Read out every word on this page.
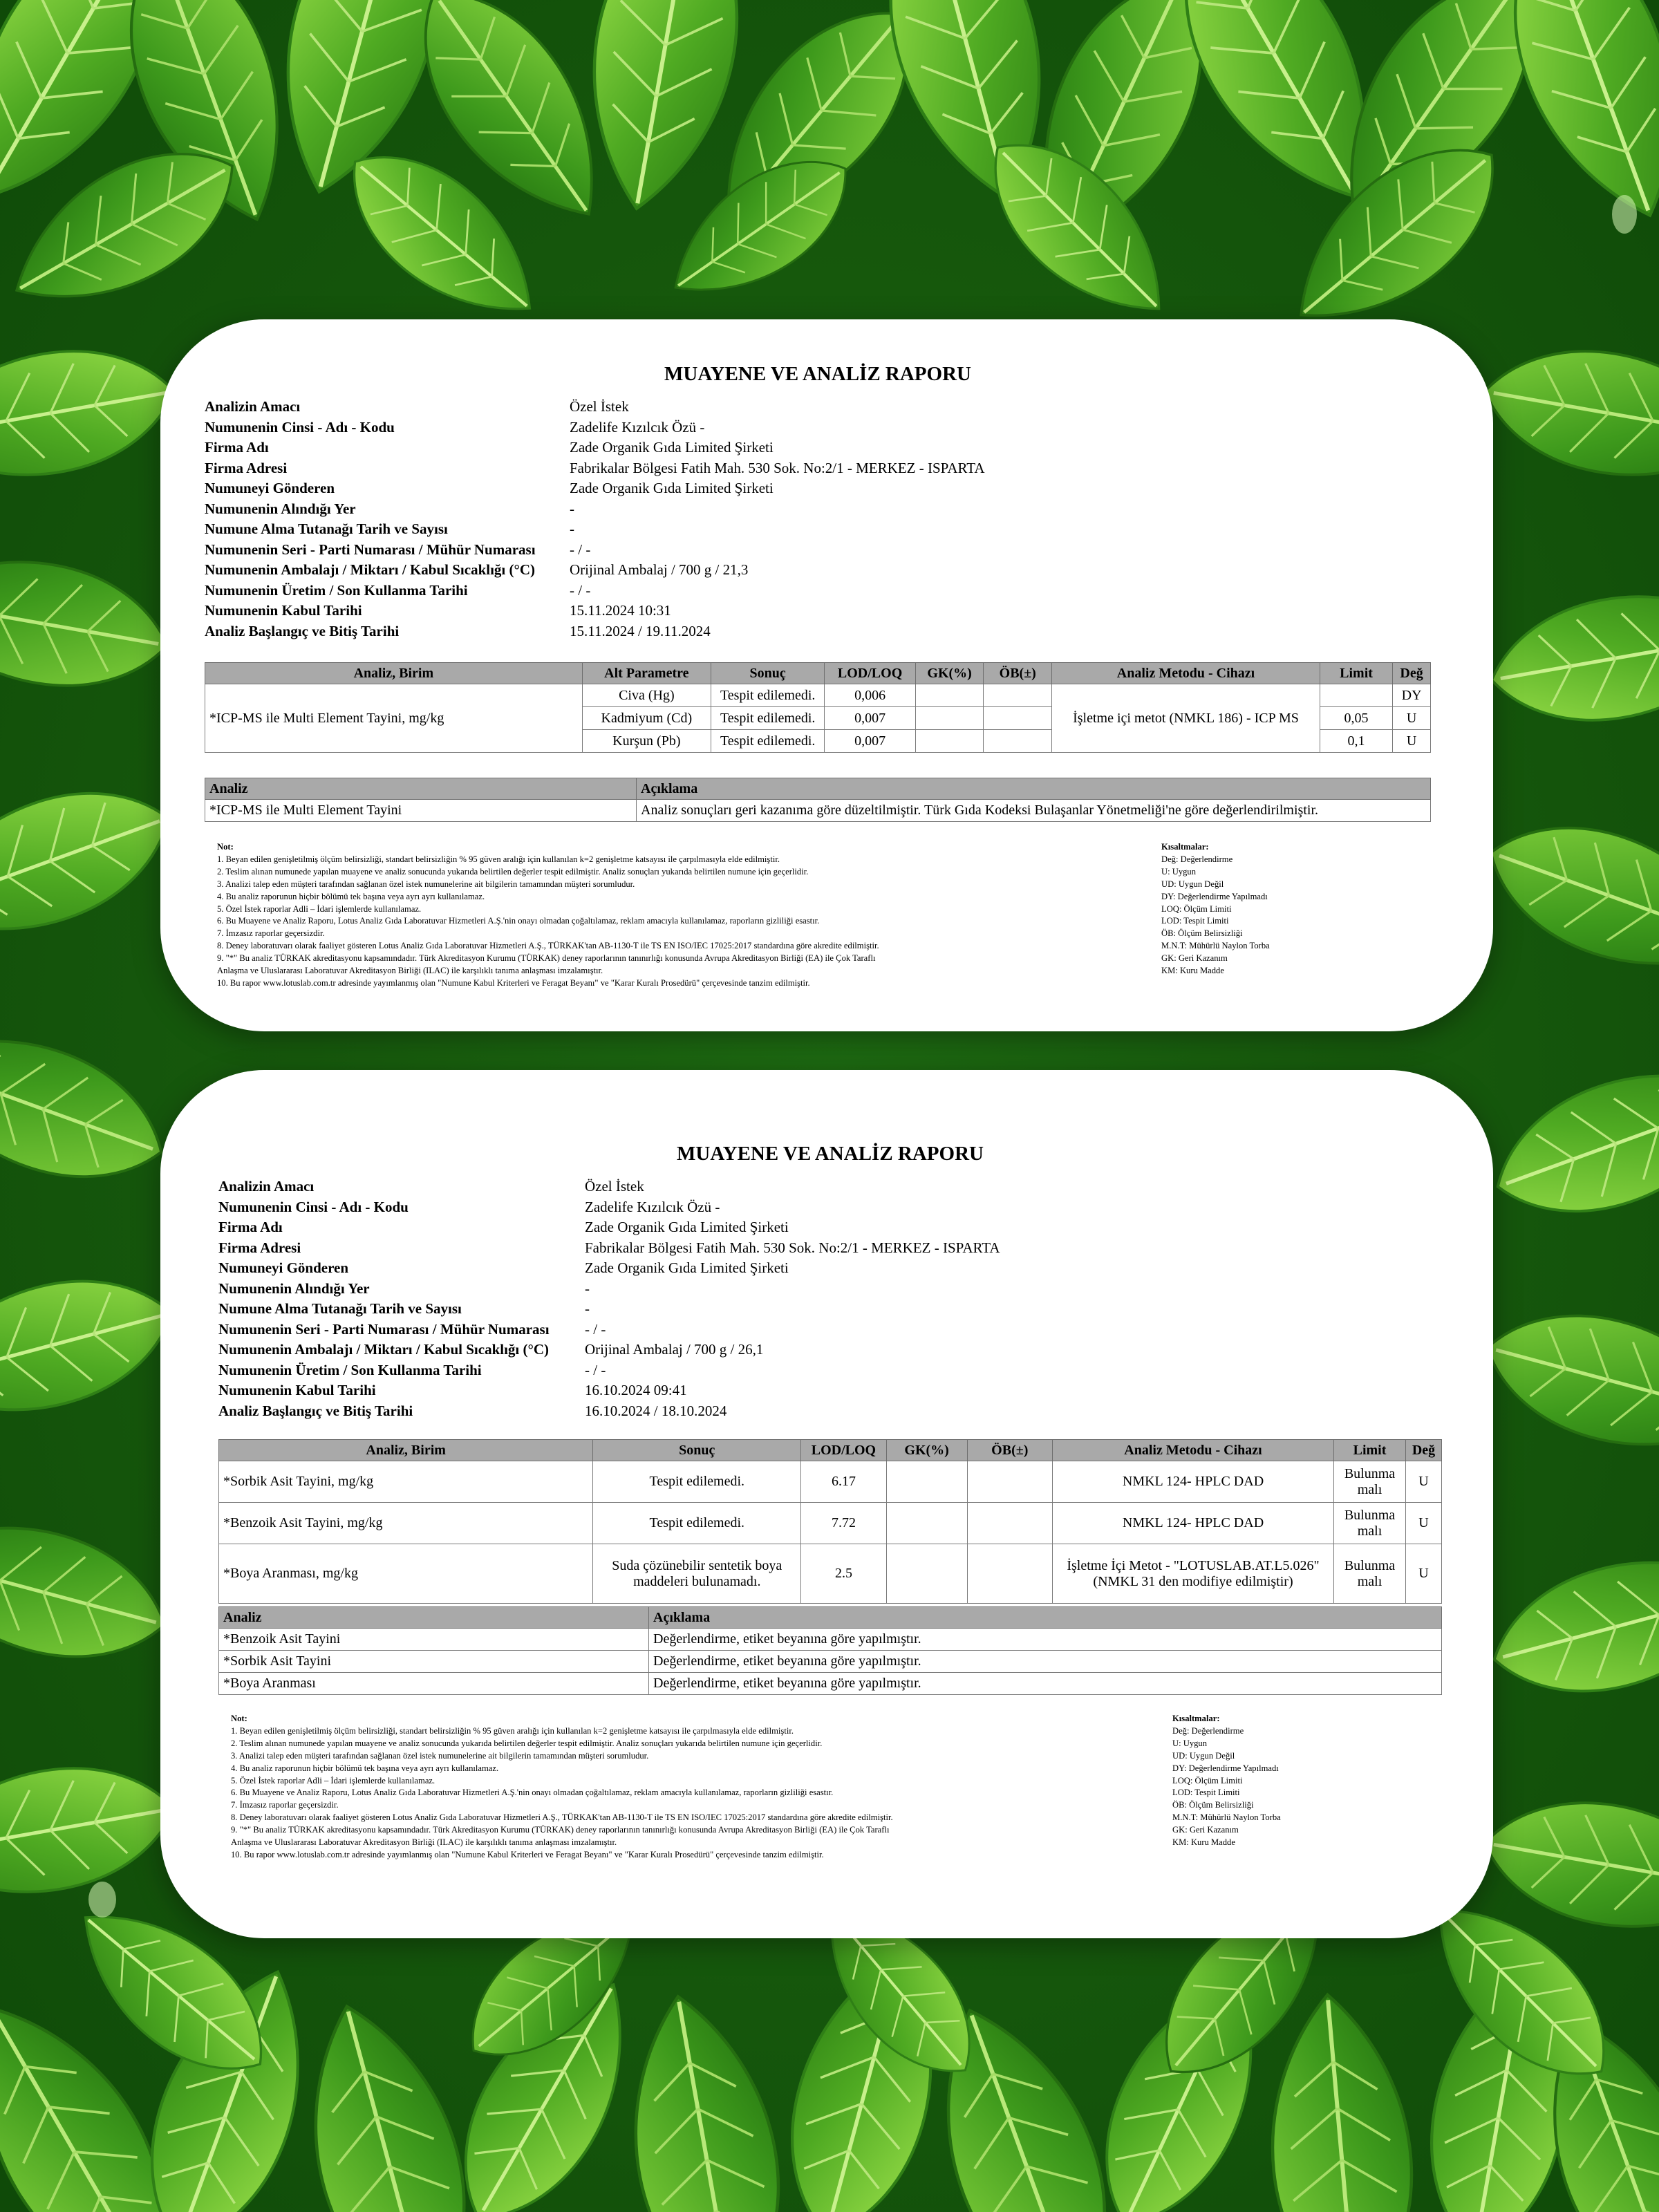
MUAYENE VE ANALİZ RAPORU
Analizin Amacı	Özel İstek
Numunenin Cinsi - Adı - Kodu	Zadelife Kızılcık Özü -
Firma Adı	Zade Organik Gıda Limited Şirketi
Firma Adresi	Fabrikalar Bölgesi Fatih Mah. 530 Sok. No:2/1 - MERKEZ - ISPARTA
Numuneyi Gönderen	Zade Organik Gıda Limited Şirketi
Numunenin Alındığı Yer	-
Numune Alma Tutanağı Tarih ve Sayısı	-
Numunenin Seri - Parti Numarası / Mühür Numarası	- / -
Numunenin Ambalajı / Miktarı / Kabul Sıcaklığı (°C)	Orijinal Ambalaj / 700 g / 21,3
Numunenin Üretim / Son Kullanma Tarihi	- / -
Numunenin Kabul Tarihi	15.11.2024 10:31
Analiz Başlangıç ve Bitiş Tarihi	15.11.2024 / 19.11.2024
Analiz, Birim	Alt Parametre	Sonuç	LOD/LOQ	GK(%)	ÖB(±)	Analiz Metodu - Cihazı	Limit	Değ
*ICP-MS ile Multi Element Tayini, mg/kg	Civa (Hg)	Tespit edilemedi.	0,006			İşletme içi metot (NMKL 186) - ICP MS		DY
	Kadmiyum (Cd)	Tespit edilemedi.	0,007				0,05	U
	Kurşun (Pb)	Tespit edilemedi.	0,007				0,1	U
Analiz	Açıklama
*ICP-MS ile Multi Element Tayini	Analiz sonuçları geri kazanıma göre düzeltilmiştir. Türk Gıda Kodeksi Bulaşanlar Yönetmeliği'ne göre değerlendirilmiştir.
Not:
1. Beyan edilen genişletilmiş ölçüm belirsizliği, standart belirsizliğin % 95 güven aralığı için kullanılan k=2 genişletme katsayısı ile çarpılmasıyla elde edilmiştir.
2. Teslim alınan numunede yapılan muayene ve analiz sonucunda yukarıda belirtilen değerler tespit edilmiştir. Analiz sonuçları yukarıda belirtilen numune için geçerlidir.
3. Analizi talep eden müşteri tarafından sağlanan özel istek numunelerine ait bilgilerin tamamından müşteri sorumludur.
4. Bu analiz raporunun hiçbir bölümü tek başına veya ayrı ayrı kullanılamaz.
5. Özel İstek raporlar Adli – İdari işlemlerde kullanılamaz.
6. Bu Muayene ve Analiz Raporu, Lotus Analiz Gıda Laboratuvar Hizmetleri A.Ş.'nin onayı olmadan çoğaltılamaz, reklam amacıyla kullanılamaz, raporların gizliliği esastır.
7. İmzasız raporlar geçersizdir.
8. Deney laboratuvarı olarak faaliyet gösteren Lotus Analiz Gıda Laboratuvar Hizmetleri A.Ş., TÜRKAK'tan AB-1130-T ile TS EN ISO/IEC 17025:2017 standardına göre akredite edilmiştir.
9. "*" Bu analiz TÜRKAK akreditasyonu kapsamındadır. Türk Akreditasyon Kurumu (TÜRKAK) deney raporlarının tanınırlığı konusunda Avrupa Akreditasyon Birliği (EA) ile Çok Taraflı
Anlaşma ve Uluslararası Laboratuvar Akreditasyon Birliği (ILAC) ile karşılıklı tanıma anlaşması imzalamıştır.
10. Bu rapor www.lotuslab.com.tr adresinde yayımlanmış olan "Numune Kabul Kriterleri ve Feragat Beyanı" ve "Karar Kuralı Prosedürü" çerçevesinde tanzim edilmiştir.
Kısaltmalar:
Değ: Değerlendirme
U: Uygun
UD: Uygun Değil
DY: Değerlendirme Yapılmadı
LOQ: Ölçüm Limiti
LOD: Tespit Limiti
ÖB: Ölçüm Belirsizliği
M.N.T: Mühürlü Naylon Torba
GK: Geri Kazanım
KM: Kuru Madde
MUAYENE VE ANALİZ RAPORU
Analizin Amacı	Özel İstek
Numunenin Cinsi - Adı - Kodu	Zadelife Kızılcık Özü -
Firma Adı	Zade Organik Gıda Limited Şirketi
Firma Adresi	Fabrikalar Bölgesi Fatih Mah. 530 Sok. No:2/1 - MERKEZ - ISPARTA
Numuneyi Gönderen	Zade Organik Gıda Limited Şirketi
Numunenin Alındığı Yer	-
Numune Alma Tutanağı Tarih ve Sayısı	-
Numunenin Seri - Parti Numarası / Mühür Numarası	- / -
Numunenin Ambalajı / Miktarı / Kabul Sıcaklığı (°C)	Orijinal Ambalaj / 700 g / 26,1
Numunenin Üretim / Son Kullanma Tarihi	- / -
Numunenin Kabul Tarihi	16.10.2024 09:41
Analiz Başlangıç ve Bitiş Tarihi	16.10.2024 / 18.10.2024
Analiz, Birim	Sonuç	LOD/LOQ	GK(%)	ÖB(±)	Analiz Metodu - Cihazı	Limit	Değ
*Sorbik Asit Tayini, mg/kg	Tespit edilemedi.	6.17			NMKL 124- HPLC DAD	Bulunma malı	U
*Benzoik Asit Tayini, mg/kg	Tespit edilemedi.	7.72			NMKL 124- HPLC DAD	Bulunma malı	U
*Boya Aranması, mg/kg	Suda çözünebilir sentetik boya maddeleri bulunamadı.	2.5			İşletme İçi Metot - "LOTUSLAB.AT.L5.026" (NMKL 31 den modifiye edilmiştir)	Bulunma malı	U
Analiz	Açıklama
*Benzoik Asit Tayini	Değerlendirme, etiket beyanına göre yapılmıştır.
*Sorbik Asit Tayini	Değerlendirme, etiket beyanına göre yapılmıştır.
*Boya Aranması	Değerlendirme, etiket beyanına göre yapılmıştır.
Not:
1. Beyan edilen genişletilmiş ölçüm belirsizliği, standart belirsizliğin % 95 güven aralığı için kullanılan k=2 genişletme katsayısı ile çarpılmasıyla elde edilmiştir.
2. Teslim alınan numunede yapılan muayene ve analiz sonucunda yukarıda belirtilen değerler tespit edilmiştir. Analiz sonuçları yukarıda belirtilen numune için geçerlidir.
3. Analizi talep eden müşteri tarafından sağlanan özel istek numunelerine ait bilgilerin tamamından müşteri sorumludur.
4. Bu analiz raporunun hiçbir bölümü tek başına veya ayrı ayrı kullanılamaz.
5. Özel İstek raporlar Adli – İdari işlemlerde kullanılamaz.
6. Bu Muayene ve Analiz Raporu, Lotus Analiz Gıda Laboratuvar Hizmetleri A.Ş.'nin onayı olmadan çoğaltılamaz, reklam amacıyla kullanılamaz, raporların gizliliği esastır.
7. İmzasız raporlar geçersizdir.
8. Deney laboratuvarı olarak faaliyet gösteren Lotus Analiz Gıda Laboratuvar Hizmetleri A.Ş., TÜRKAK'tan AB-1130-T ile TS EN ISO/IEC 17025:2017 standardına göre akredite edilmiştir.
9. "*" Bu analiz TÜRKAK akreditasyonu kapsamındadır. Türk Akreditasyon Kurumu (TÜRKAK) deney raporlarının tanınırlığı konusunda Avrupa Akreditasyon Birliği (EA) ile Çok Taraflı
Anlaşma ve Uluslararası Laboratuvar Akreditasyon Birliği (ILAC) ile karşılıklı tanıma anlaşması imzalamıştır.
10. Bu rapor www.lotuslab.com.tr adresinde yayımlanmış olan "Numune Kabul Kriterleri ve Feragat Beyanı" ve "Karar Kuralı Prosedürü" çerçevesinde tanzim edilmiştir.
Kısaltmalar:
Değ: Değerlendirme
U: Uygun
UD: Uygun Değil
DY: Değerlendirme Yapılmadı
LOQ: Ölçüm Limiti
LOD: Tespit Limiti
ÖB: Ölçüm Belirsizliği
M.N.T: Mühürlü Naylon Torba
GK: Geri Kazanım
KM: Kuru Madde
